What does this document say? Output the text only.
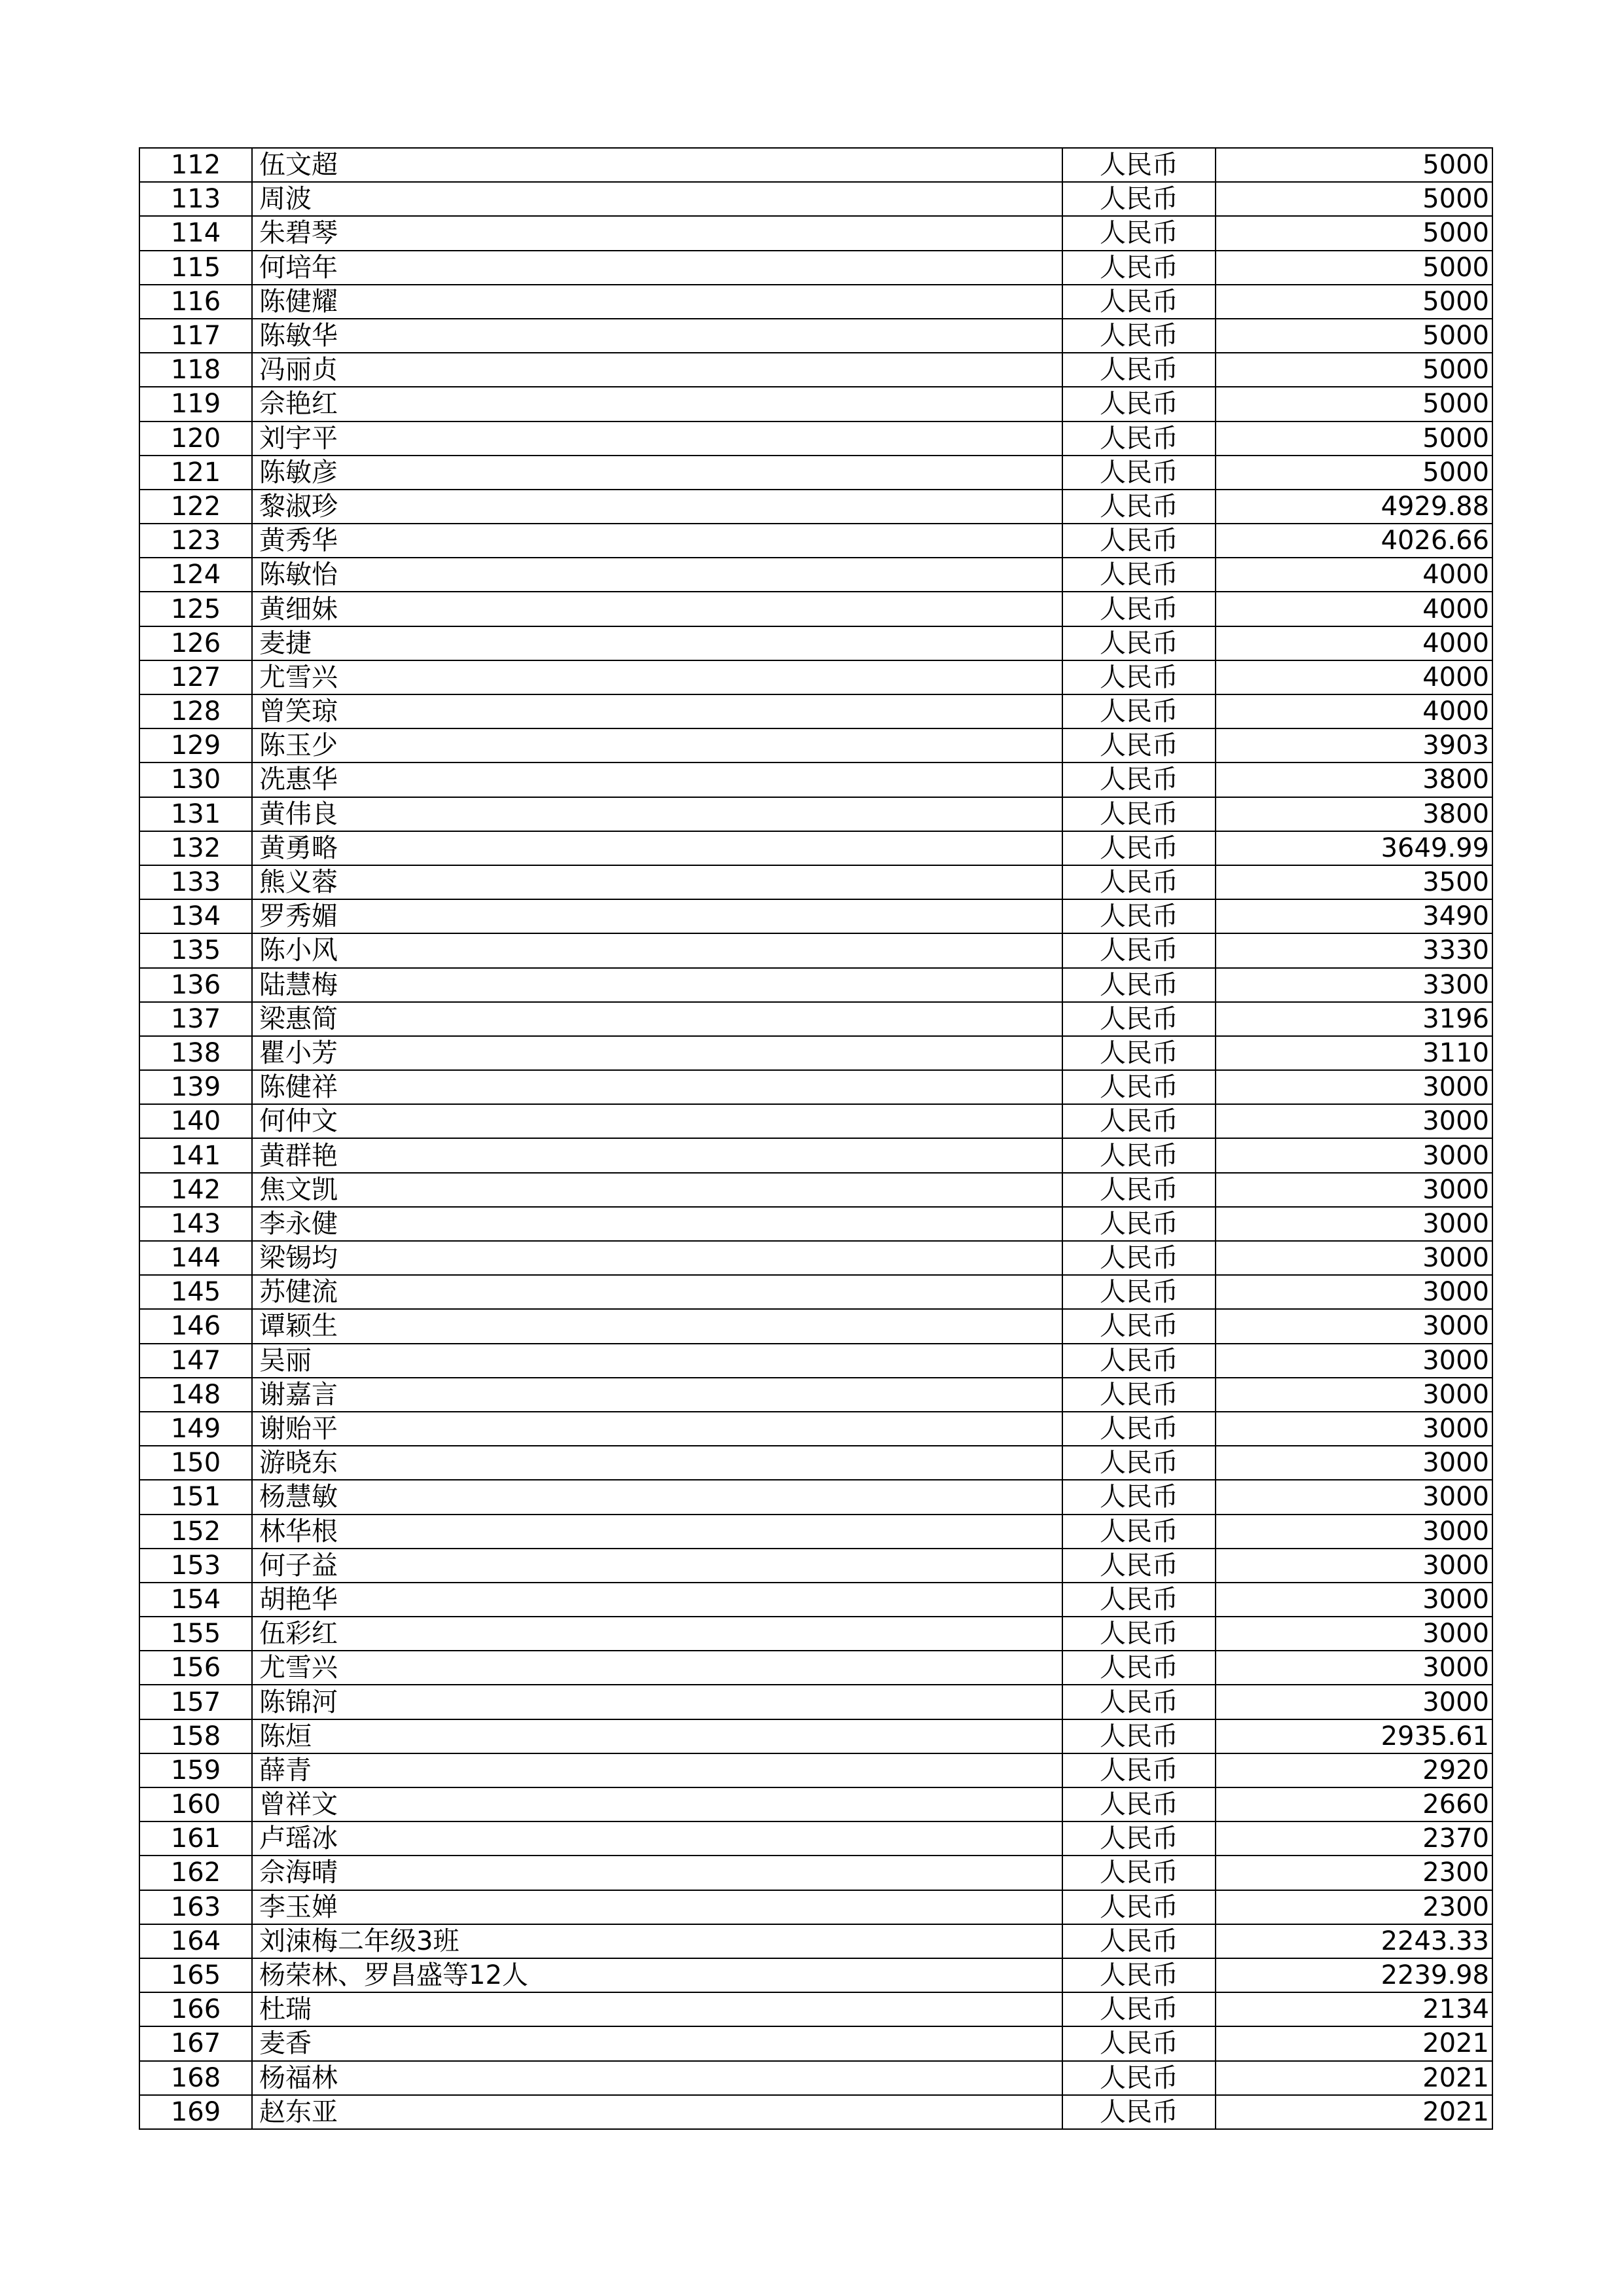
112	伍文超	人民币	5000
113	周波	人民币	5000
114	朱碧琴	人民币	5000
115	何培年	人民币	5000
116	陈健耀	人民币	5000
117	陈敏华	人民币	5000
118	冯丽贞	人民币	5000
119	佘艳红	人民币	5000
120	刘宇平	人民币	5000
121	陈敏彦	人民币	5000
122	黎淑珍	人民币	4929.88
123	黄秀华	人民币	4026.66
124	陈敏怡	人民币	4000
125	黄细妹	人民币	4000
126	麦捷	人民币	4000
127	尤雪兴	人民币	4000
128	曾笑琼	人民币	4000
129	陈玉少	人民币	3903
130	冼惠华	人民币	3800
131	黄伟良	人民币	3800
132	黄勇略	人民币	3649.99
133	熊义蓉	人民币	3500
134	罗秀媚	人民币	3490
135	陈小风	人民币	3330
136	陆慧梅	人民币	3300
137	梁惠简	人民币	3196
138	瞿小芳	人民币	3110
139	陈健祥	人民币	3000
140	何仲文	人民币	3000
141	黄群艳	人民币	3000
142	焦文凯	人民币	3000
143	李永健	人民币	3000
144	梁锡均	人民币	3000
145	苏健流	人民币	3000
146	谭颖生	人民币	3000
147	吴丽	人民币	3000
148	谢嘉言	人民币	3000
149	谢贻平	人民币	3000
150	游晓东	人民币	3000
151	杨慧敏	人民币	3000
152	林华根	人民币	3000
153	何子益	人民币	3000
154	胡艳华	人民币	3000
155	伍彩红	人民币	3000
156	尤雪兴	人民币	3000
157	陈锦河	人民币	3000
158	陈烜	人民币	2935.61
159	薛青	人民币	2920
160	曾祥文	人民币	2660
161	卢瑶冰	人民币	2370
162	佘海晴	人民币	2300
163	李玉婵	人民币	2300
164	刘涑梅二年级3班	人民币	2243.33
165	杨荣林、罗昌盛等12人	人民币	2239.98
166	杜瑞	人民币	2134
167	麦香	人民币	2021
168	杨福林	人民币	2021
169	赵东亚	人民币	2021
